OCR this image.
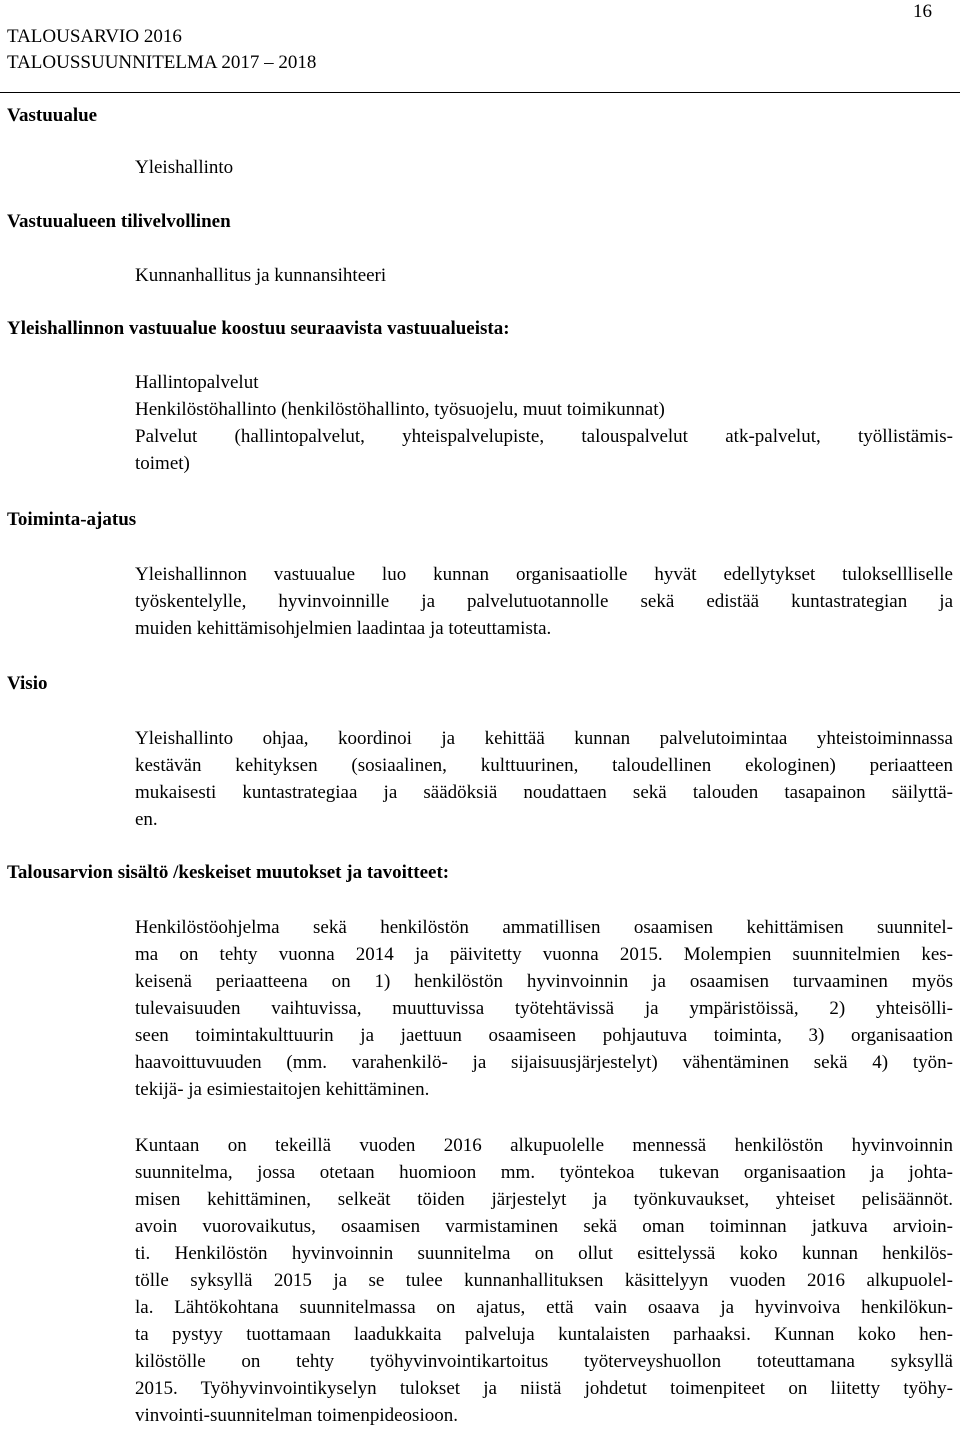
TALOUSARVIO 2016
TALOUSSUUNNITELMA 2017 – 2018
16
Vastuualue
Yleishallinto
Vastuualueen tilivelvollinen
Kunnanhallitus ja kunnansihteeri
Yleishallinnon vastuualue koostuu seuraavista vastuualueista:
Hallintopalvelut
Henkilöstöhallinto (henkilöstöhallinto, työsuojelu, muut toimikunnat)
Palvelut (hallintopalvelut, yhteispalvelupiste, talouspalvelut atk-palvelut, työllistämis-
toimet)
Toiminta-ajatus
Yleishallinnon vastuualue luo kunnan organisaatiolle hyvät edellytykset tuloksellliselle
työskentelylle, hyvinvoinnille ja palvelutuotannolle sekä edistää kuntastrategian ja
muiden kehittämisohjelmien laadintaa ja toteuttamista.
Visio
Yleishallinto ohjaa, koordinoi ja kehittää kunnan palvelutoimintaa yhteistoiminnassa
kestävän kehityksen (sosiaalinen, kulttuurinen, taloudellinen ekologinen) periaatteen
mukaisesti kuntastrategiaa ja säädöksiä noudattaen sekä talouden tasapainon säilyttä-
en.
Talousarvion sisältö /keskeiset muutokset ja tavoitteet:
Henkilöstöohjelma sekä henkilöstön ammatillisen osaamisen kehittämisen suunnitel-
ma on tehty vuonna 2014 ja päivitetty vuonna 2015. Molempien suunnitelmien kes-
keisenä periaatteena on 1) henkilöstön hyvinvoinnin ja osaamisen turvaaminen myös
tulevaisuuden vaihtuvissa, muuttuvissa työtehtävissä ja ympäristöissä, 2) yhteisölli-
seen toimintakulttuurin ja jaettuun osaamiseen pohjautuva toiminta, 3) organisaation
haavoittuvuuden (mm. varahenkilö- ja sijaisuusjärjestelyt) vähentäminen sekä 4) työn-
tekijä- ja esimiestaitojen kehittäminen.
Kuntaan on tekeillä vuoden 2016 alkupuolelle mennessä henkilöstön hyvinvoinnin
suunnitelma, jossa otetaan huomioon mm. työntekoa tukevan organisaation ja johta-
misen kehittäminen, selkeät töiden järjestelyt ja työnkuvaukset, yhteiset pelisäännöt.
avoin vuorovaikutus, osaamisen varmistaminen sekä oman toiminnan jatkuva arvioin-
ti. Henkilöstön hyvinvoinnin suunnitelma on ollut esittelyssä koko kunnan henkilös-
tölle syksyllä 2015 ja se tulee kunnanhallituksen käsittelyyn vuoden 2016 alkupuolel-
la. Lähtökohtana suunnitelmassa on ajatus, että vain osaava ja hyvinvoiva henkilökun-
ta pystyy tuottamaan laadukkaita palveluja kuntalaisten parhaaksi. Kunnan koko hen-
kilöstölle on tehty työhyvinvointikartoitus työterveyshuollon toteuttamana syksyllä
2015. Työhyvinvointikyselyn tulokset ja niistä johdetut toimenpiteet on liitetty työhy-
vinvointi-suunnitelman toimenpideosioon.
